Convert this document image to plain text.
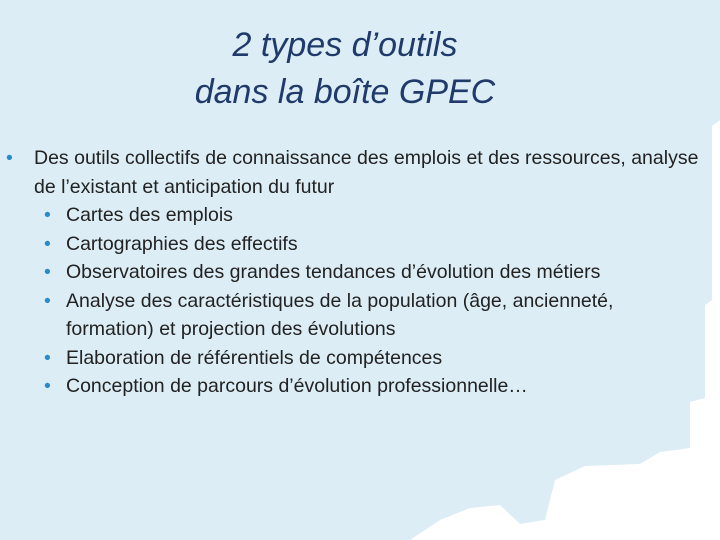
2 types d’outils
dans la boîte GPEC
• Des outils collectifs de connaissance des emplois et des ressources, analyse de l’existant et anticipation du futur
• Cartes des emplois
• Cartographies des effectifs
• Observatoires des grandes tendances d’évolution des métiers
• Analyse des caractéristiques de la population (âge, ancienneté, formation) et projection des évolutions
• Elaboration de référentiels de compétences
• Conception de parcours d’évolution professionnelle…
